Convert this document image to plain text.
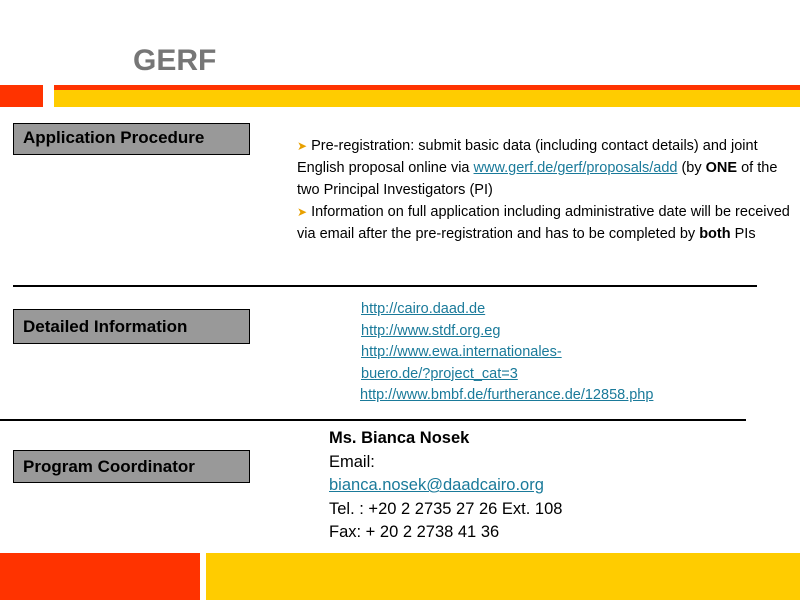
GERF
Application Procedure
Detailed Information
Program Coordinator

➤ Pre-registration: submit basic data (including contact details) and joint English proposal online via www.gerf.de/gerf/proposals/add (by ONE of the two Principal Investigators (PI)

➤ Information on full application including administrative date will be received via email after the pre-registration and has to be completed by both PIs

http://cairo.daad.de
http://www.stdf.org.eg
http://www.ewa.internationales-
buero.de/?project_cat=3
http://www.bmbf.de/furtherance.de/12858.php
Ms. Bianca Nosek
Email:
bianca.nosek@daadcairo.org
Tel. : +20 2 2735 27 26 Ext. 108
Fax: + 20 2 2738 41 36
